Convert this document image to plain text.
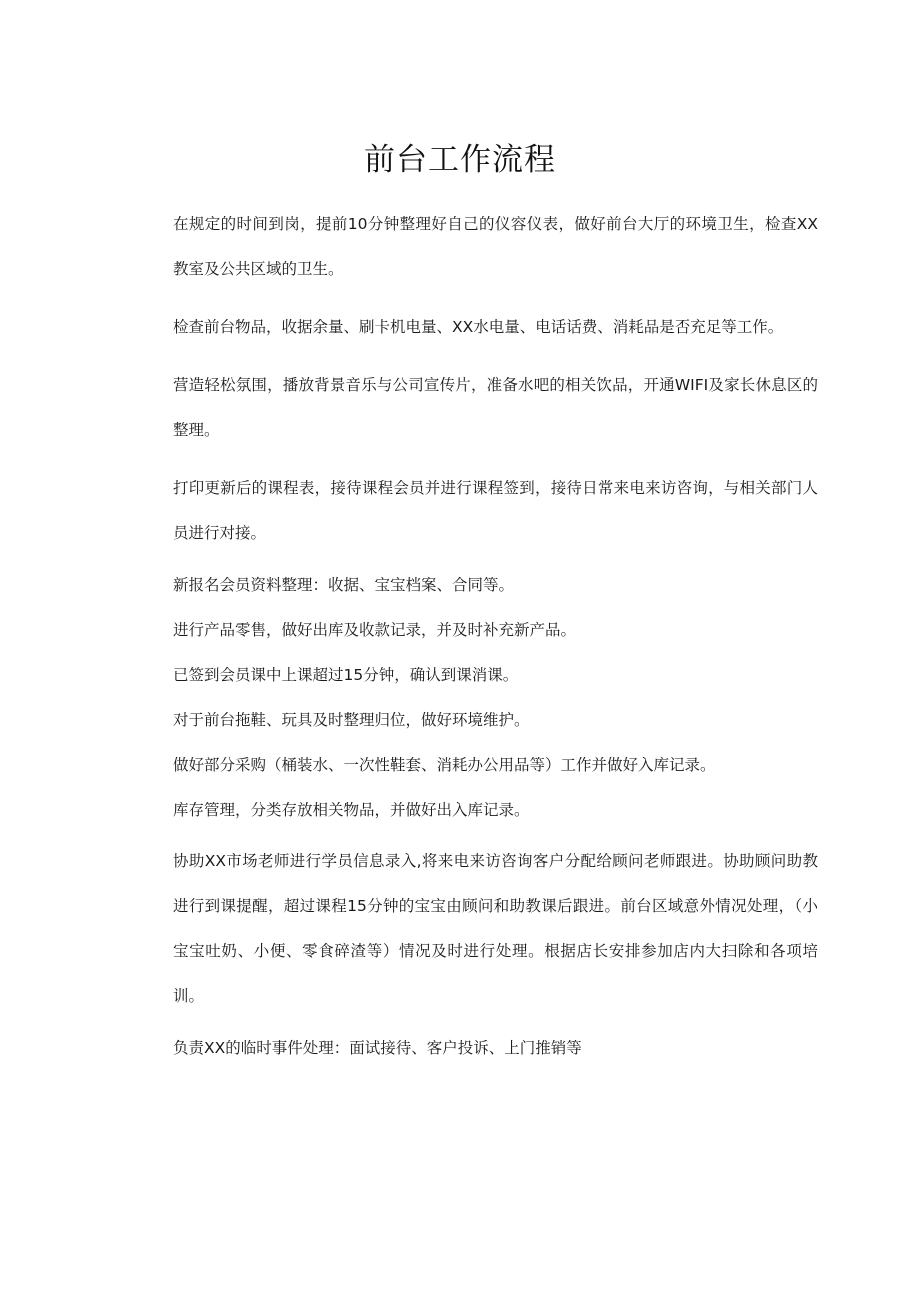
前台工作流程

在规定的时间到岗，提前10分钟整理好自己的仪容仪表，做好前台大厅的环境卫生，检查XX教室及公共区域的卫生。

检查前台物品，收据余量、刷卡机电量、XX水电量、电话话费、消耗品是否充足等工作。

营造轻松氛围，播放背景音乐与公司宣传片，准备水吧的相关饮品，开通WIFI及家长休息区的整理。

打印更新后的课程表，接待课程会员并进行课程签到，接待日常来电来访咨询，与相关部门人员进行对接。

新报名会员资料整理：收据、宝宝档案、合同等。

进行产品零售，做好出库及收款记录，并及时补充新产品。

已签到会员课中上课超过15分钟，确认到课消课。

对于前台拖鞋、玩具及时整理归位，做好环境维护。

做好部分采购（桶装水、一次性鞋套、消耗办公用品等）工作并做好入库记录。

库存管理，分类存放相关物品，并做好出入库记录。

协助XX市场老师进行学员信息录入,将来电来访咨询客户分配给顾问老师跟进。协助顾问助教进行到课提醒，超过课程15分钟的宝宝由顾问和助教课后跟进。前台区域意外情况处理，（小宝宝吐奶、小便、零食碎渣等）情况及时进行处理。根据店长安排参加店内大扫除和各项培训。

负责XX的临时事件处理：面试接待、客户投诉、上门推销等
